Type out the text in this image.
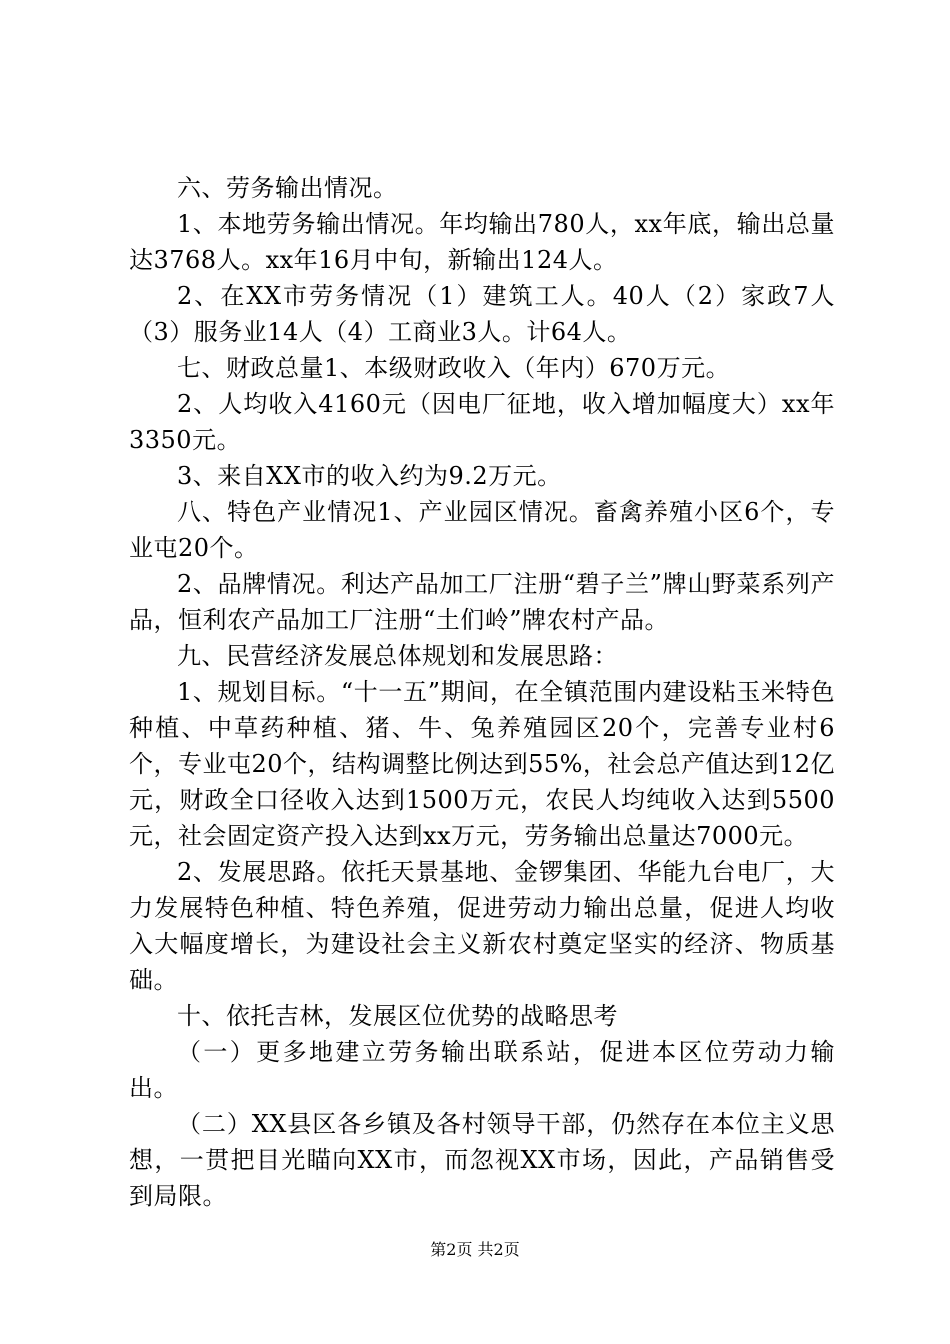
六、劳务输出情况。

1、本地劳务输出情况。年均输出780人，xx年底，输出总量达3768人。xx年16月中旬，新输出124人。

2、在XX市劳务情况（1）建筑工人。40人（2）家政7人（3）服务业14人（4）工商业3人。计64人。

七、财政总量1、本级财政收入（年内）670万元。

2、人均收入4160元（因电厂征地，收入增加幅度大）xx年3350元。

3、来自XX市的收入约为9.2万元。

八、特色产业情况1、产业园区情况。畜禽养殖小区6个，专业屯20个。

2、品牌情况。利达产品加工厂注册“碧子兰”牌山野菜系列产品，恒利农产品加工厂注册“土们岭”牌农村产品。

九、民营经济发展总体规划和发展思路：

1、规划目标。“十一五”期间，在全镇范围内建设粘玉米特色种植、中草药种植、猪、牛、兔养殖园区20个，完善专业村6个，专业屯20个，结构调整比例达到55%，社会总产值达到12亿元，财政全口径收入达到1500万元，农民人均纯收入达到5500元，社会固定资产投入达到xx万元，劳务输出总量达7000元。

2、发展思路。依托天景基地、金锣集团、华能九台电厂，大力发展特色种植、特色养殖，促进劳动力输出总量，促进人均收入大幅度增长，为建设社会主义新农村奠定坚实的经济、物质基础。

十、依托吉林，发展区位优势的战略思考

（一）更多地建立劳务输出联系站，促进本区位劳动力输出。

（二）XX县区各乡镇及各村领导干部，仍然存在本位主义思想，一贯把目光瞄向XX市，而忽视XX市场，因此，产品销售受到局限。

第2页 共2页
